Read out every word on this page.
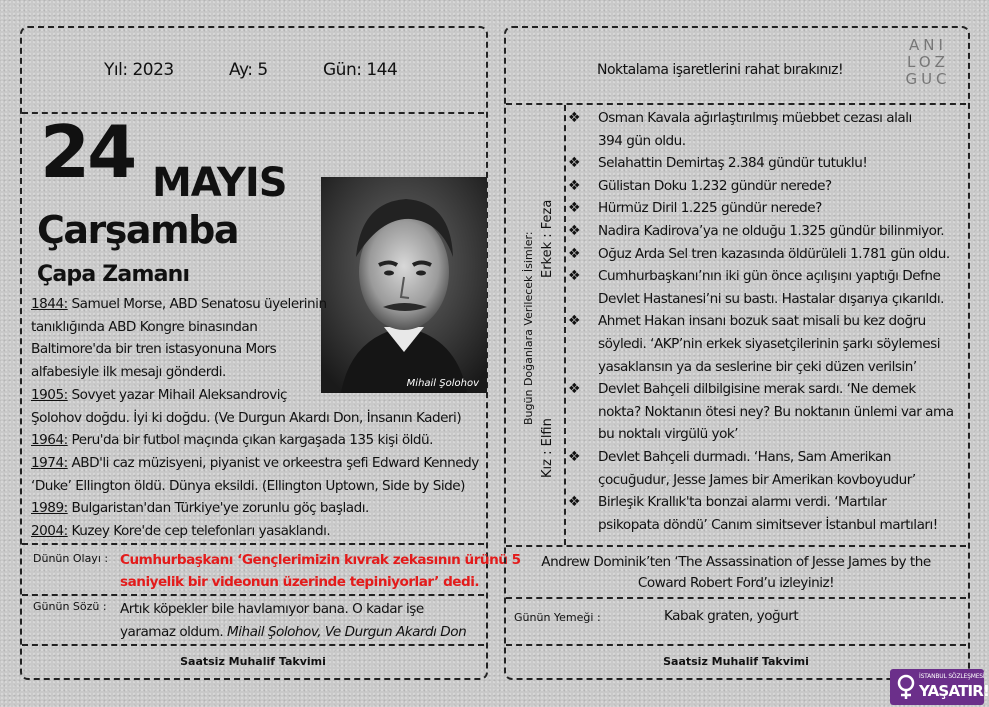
Yıl: 2023	Ay: 5	Gün: 144
24 MAYIS
Çarşamba
Çapa Zamanı
Mihail Şolohov
1844: Samuel Morse, ABD Senatosu üyelerinin
tanıklığında ABD Kongre binasından
Baltimore'da bir tren istasyonuna Mors
alfabesiyle ilk mesajı gönderdi.
1905: Sovyet yazar Mihail Aleksandroviç
Şolohov doğdu. İyi ki doğdu. (Ve Durgun Akardı Don, İnsanın Kaderi)
1964: Peru'da bir futbol maçında çıkan kargaşada 135 kişi öldü.
1974: ABD'li caz müzisyeni, piyanist ve orkeestra şefi Edward Kennedy
‘Duke’ Ellington öldü. Dünya eksildi. (Ellington Uptown, Side by Side)
1989: Bulgaristan'dan Türkiye'ye zorunlu göç başladı.
2004: Kuzey Kore'de cep telefonları yasaklandı.
Dünün Olayı : Cumhurbaşkanı ‘Gençlerimizin kıvrak zekasının ürünü 5
saniyelik bir videonun üzerinde tepiniyorlar’ dedi.
Günün Sözü : Artık köpekler bile havlamıyor bana. O kadar işe
yaramaz oldum. Mihail Şolohov, Ve Durgun Akardı Don
Saatsiz Muhalif Takvimi
Noktalama işaretlerini rahat bırakınız!
ANI
LOZ
GUC
Bugün Doğanlara Verilecek İsimler: Erkek : Feza
Kız : Elfin
❖ Osman Kavala ağırlaştırılmış müebbet cezası alalı
394 gün oldu.
❖ Selahattin Demirtaş 2.384 gündür tutuklu!
❖ Gülistan Doku 1.232 gündür nerede?
❖ Hürmüz Diril 1.225 gündür nerede?
❖ Nadira Kadirova’ya ne olduğu 1.325 gündür bilinmiyor.
❖ Oğuz Arda Sel tren kazasında öldürüleli 1.781 gün oldu.
❖ Cumhurbaşkanı’nın iki gün önce açılışını yaptığı Defne
Devlet Hastanesi’ni su bastı. Hastalar dışarıya çıkarıldı.
❖ Ahmet Hakan insanı bozuk saat misali bu kez doğru
söyledi. ‘AKP’nin erkek siyasetçilerinin şarkı söylemesi
yasaklansın ya da seslerine bir çeki düzen verilsin’
❖ Devlet Bahçeli dilbilgisine merak sardı. ‘Ne demek
nokta? Noktanın ötesi ney? Bu noktanın ünlemi var ama
bu noktalı virgülü yok’
❖ Devlet Bahçeli durmadı. ‘Hans, Sam Amerikan
çocuğudur, Jesse James bir Amerikan kovboyudur’
❖ Birleşik Krallık'ta bonzai alarmı verdi. ‘Martılar
psikopata döndü’ Canım simitsever İstanbul martıları!
Andrew Dominik’ten ‘The Assassination of Jesse James by the
Coward Robert Ford’u izleyiniz!
Günün Yemeği :	Kabak graten, yoğurt
Saatsiz Muhalif Takvimi
İSTANBUL SÖZLEŞMESİ
YAŞATIR!
